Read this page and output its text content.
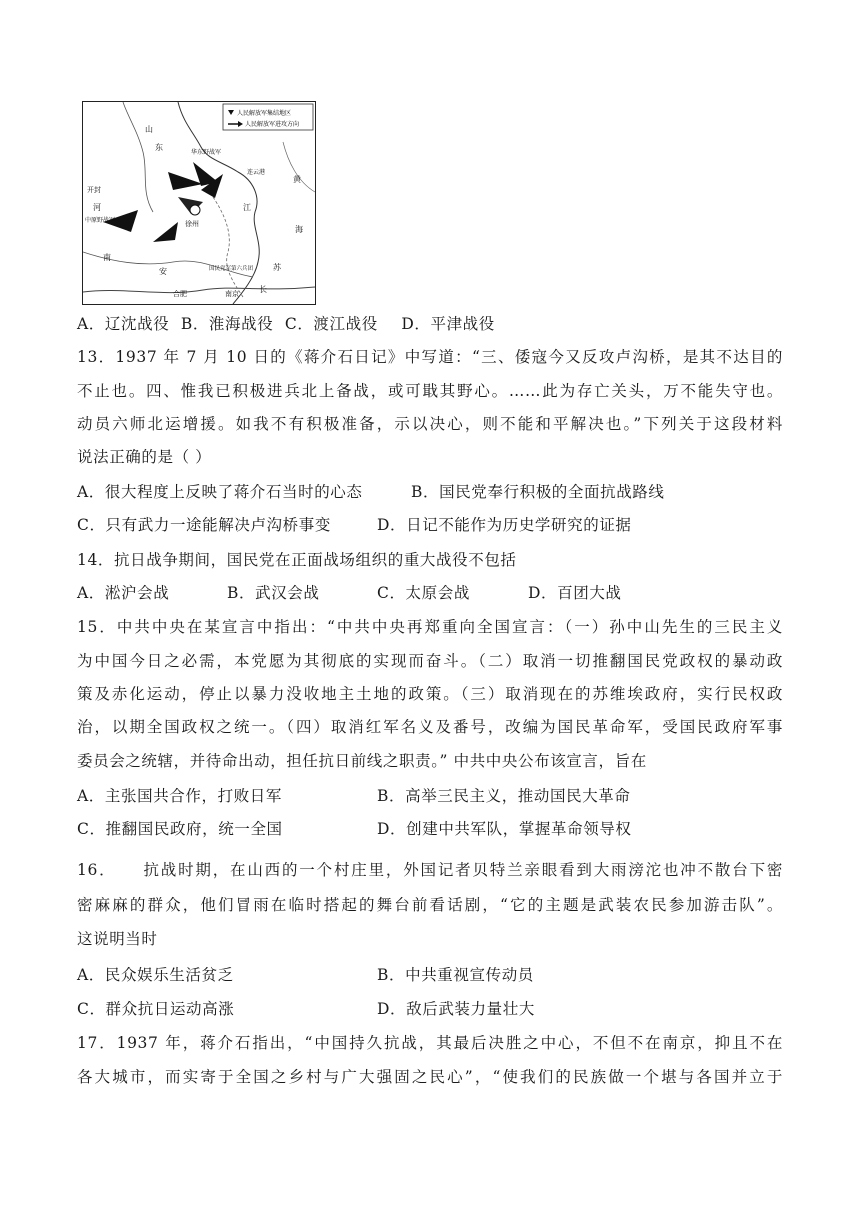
人民解放军集结地区
人民解放军进攻方向
山
东
华东野战军
开封
河
南
中原野战军	徐州
连云港
黄
海
江
苏
安
合肥	南京
国民党军第六兵团
长
A．辽沈战役 B．淮海战役 C．渡江战役 D．平津战役
13．1937 年 7 月 10 日的《蒋介石日记》中写道：“三、倭寇今又反攻卢沟桥，是其不达目的
不止也。四、惟我已积极进兵北上备战，或可戢其野心。……此为存亡关头，万不能失守也。
动员六师北运增援。如我不有积极准备，示以决心，则不能和平解决也。”下列关于这段材料
说法正确的是（ ）
A．很大程度上反映了蒋介石当时的心态	B．国民党奉行积极的全面抗战路线
C．只有武力一途能解决卢沟桥事变	D．日记不能作为历史学研究的证据
14．抗日战争期间，国民党在正面战场组织的重大战役不包括
A．淞沪会战	B．武汉会战	C．太原会战	D．百团大战
15．中共中央在某宣言中指出：“中共中央再郑重向全国宣言：（一）孙中山先生的三民主义
为中国今日之必需，本党愿为其彻底的实现而奋斗。（二）取消一切推翻国民党政权的暴动政
策及赤化运动，停止以暴力没收地主土地的政策。（三）取消现在的苏维埃政府，实行民权政
治，以期全国政权之统一。（四）取消红军名义及番号，改编为国民革命军，受国民政府军事
委员会之统辖，并待命出动，担任抗日前线之职责。” 中共中央公布该宣言，旨在
A．主张国共合作，打败日军	B．高举三民主义，推动国民大革命
C．推翻国民政府，统一全国	D．创建中共军队，掌握革命领导权
16．    抗战时期，在山西的一个村庄里，外国记者贝特兰亲眼看到大雨滂沱也冲不散台下密
密麻麻的群众，他们冒雨在临时搭起的舞台前看话剧，“它的主题是武装农民参加游击队”。
这说明当时
A．民众娱乐生活贫乏	B．中共重视宣传动员
C．群众抗日运动高涨	D．敌后武装力量壮大
17．1937 年，蒋介石指出，“中国持久抗战，其最后决胜之中心，不但不在南京，抑且不在
各大城市，而实寄于全国之乡村与广大强固之民心”，“使我们的民族做一个堪与各国并立于
